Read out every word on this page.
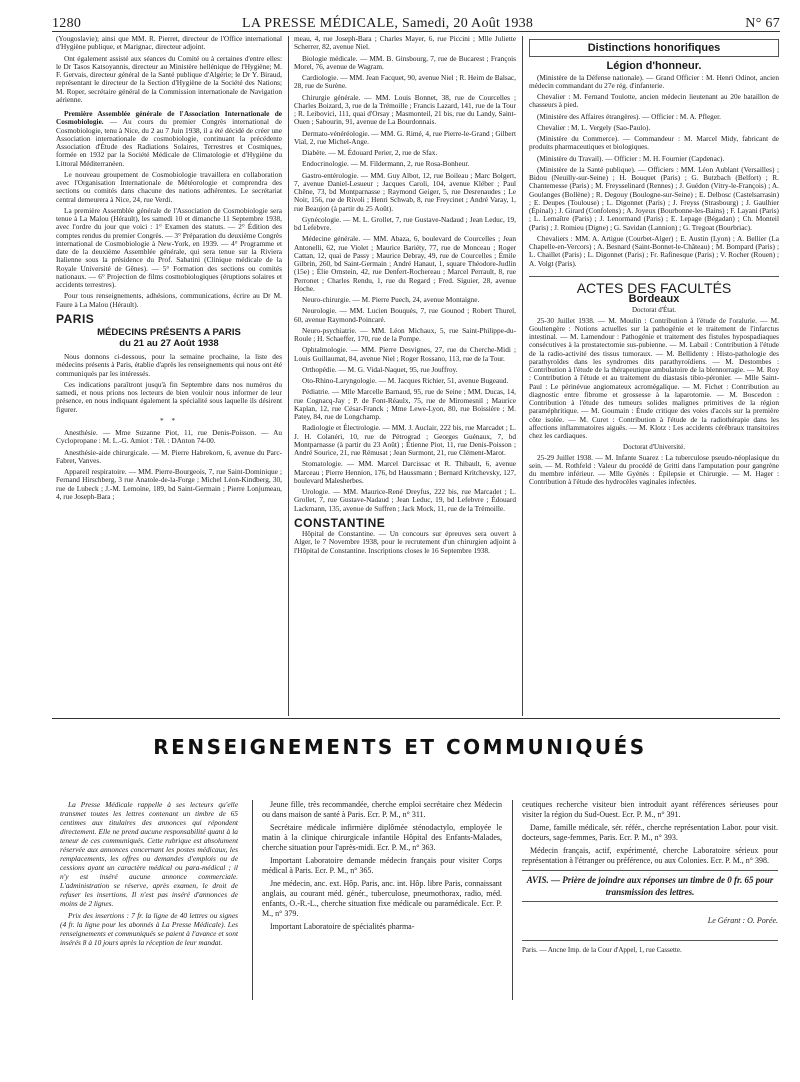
1280	LA PRESSE MÉDICALE, Samedi, 20 Août 1938	N° 67

(Yougoslavie); ainsi que MM. R. Pierret, directeur de l'Office international d'Hygiène publique, et Marignac, directeur adjoint.

Ont également assisté aux séances du Comité ou à certaines d'entre elles: le Dr Tasos Katsoyannis, directeur au Ministère hellénique de l'Hygiène; M. F. Gervais, directeur général de la Santé publique d'Algérie; le Dr Y. Biraud, représentant le directeur de la Section d'Hygiène de la Société des Nations; M. Roper, secrétaire général de la Commission internationale de Navigation aérienne.

Première Assemblée générale de l'Association Internationale de Cosmobiologie. — Au cours du premier Congrès international de Cosmobiologie, tenu à Nice, du 2 au 7 Juin 1938, il a été décidé de créer une Association internationale de cosmobiologie, continuant la précédente Association d'Étude des Radiations Solaires, Terrestres et Cosmiques, formée en 1932 par la Société Médicale de Climatologie et d'Hygiène du Littoral Méditerranéen.

Le nouveau groupement de Cosmobiologie travaillera en collaboration avec l'Organisation Internationale de Météorologie et comprendra des sections ou comités dans chacune des nations adhérentes. Le secrétariat central demeurera à Nice, 24, rue Verdi.

La première Assemblée générale de l'Association de Cosmobiologie sera tenue à La Malou (Hérault), les samedi 10 et dimanche 11 Septembre 1938, avec l'ordre du jour que voici : 1° Examen des statuts. — 2° Édition des comptes rendus du premier Congrès. — 3° Préparation du deuxième Congrès international de Cosmobiologie à New-York, en 1939. — 4° Programme et date de la deuxième Assemblée générale, qui sera tenue sur la Riviera Italienne sous la présidence du Prof. Sabatini (Clinique médicale de la Royale Université de Gênes). — 5° Formation des sections ou comités nationaux. — 6° Projection de films cosmobiologiques (éruptions solaires et accidents terrestres).

Pour tous renseignements, adhésions, communications, écrire au Dr M. Faure à La Malou (Hérault).

PARIS
MÉDECINS PRÉSENTS A PARIS
du 21 au 27 Août 1938

Nous donnons ci-dessous, pour la semaine prochaine, la liste des médecins présents à Paris, établie d'après les renseignements qui nous ont été communiqués par les intéressés.

Ces indications paraîtront jusqu'à fin Septembre dans nos numéros du samedi, et nous prions nos lecteurs de bien vouloir nous informer de leur présence, en nous indiquant également la spécialité sous laquelle ils désirent figurer.

* *

Anesthésie. — Mme Suzanne Piot, 11, rue Denis-Poisson. — Au Cyclopropane : M. L.-G. Amiot : Tél. : DAnton 74-00.

Anesthésie-aide chirurgicale. — M. Pierre Habrekorn, 6, avenue du Parc-Fabret, Vanves.

Appareil respiratoire. — MM. Pierre-Bourgeois, 7, rue Saint-Dominique ; Fernand Hirschberg, 3 rue Anatole-de-la-Forge ; Michel Léon-Kindberg, 30, rue de Lubeck ; J.-M. Lemoine, 189, bd Saint-Germain ; Pierre Lonjumeau, 4, rue Joseph-Bara ;

meau, 4, rue Joseph-Bara ; Charles Mayer, 6, rue Piccini ; Mlle Juliette Scherrer, 82, avenue Niel.

Biologie médicale. — MM. B. Ginsbourg, 7, rue de Bucarest ; François Morel, 76, avenue de Wagram.

Cardiologie. — MM. Jean Facquet, 90, avenue Niel ; R. Heim de Balsac, 28, rue de Surène.

Chirurgie générale. — MM. Louis Bonnet, 38, rue de Courcelles ; Charles Boizard, 3, rue de la Trémoille ; Francis Lazard, 141, rue de la Tour ; R. Leibovici, 111, quai d'Orsay ; Masmonteil, 21 bis, rue du Landy, Saint-Ouen ; Sabourin, 91, avenue de La Bourdonnais.

Dermato-vénéréologie. — MM. G. Rimé, 4, rue Pierre-le-Grand ; Gilbert Vial, 2, rue Michel-Ange.

Diabète. — M. Édouard Perier, 2, rue de Sfax.

Endocrinologie. — M. Fildermann, 2, rue Rosa-Bonheur.

Gastro-entérologie. — MM. Guy Albot, 12, rue Boileau ; Marc Bolgert, 7, avenue Daniel-Lesueur ; Jacques Caroli, 104, avenue Kléber ; Paul Chêne, 73, bd Montparnasse ; Raymond Geiger, 5, rue Desrenaudes ; Le Noir, 156, rue de Rivoli ; Henri Schwab, 8, rue Freycinet ; André Varay, 1, rue Beaujon (à partir du 25 Août).

Gynécologie. — M. L. Grollet, 7, rue Gustave-Nadaud ; Jean Leduc, 19, bd Lefebvre.

Médecine générale. — MM. Abaza, 6, boulevard de Courcelles ; Jean Antonelli, 62, rue Violet ; Maurice Bariéty, 77, rue de Monceau ; Roger Cattan, 12, quai de Passy ; Maurice Debray, 49, rue de Courcelles ; Émile Gilbrin, 260, bd Saint-Germain ; André Hanaut, 1, square Théodore-Judlin (15e) ; Élie Ornstein, 42, rue Denfert-Rochereau ; Marcel Perrault, 8, rue Perronet ; Charles Rendu, 1, rue du Regard ; Fred. Siguier, 28, avenue Hoche.

Neuro-chirurgie. — M. Pierre Puech, 24, avenue Montaigne.

Neurologie. — MM. Lucien Bouquès, 7, rue Gounod ; Robert Thurel, 60, avenue Raymond-Poincaré.

Neuro-psychiatrie. — MM. Léon Michaux, 5, rue Saint-Philippe-du-Roule ; H. Schaeffer, 170, rue de la Pompe.

Ophtalmologie. — MM. Pierre Desvignes, 27, rue du Cherche-Midi ; Louis Guillaumat, 84, avenue Niel ; Roger Rossano, 113, rue de la Tour.

Orthopédie. — M. G. Vidal-Naquet, 95, rue Jouffroy.

Oto-Rhino-Laryngologie. — M. Jacques Richier, 51, avenue Bugeaud.

Pédiatrie. — Mlle Marcelle Barnaud, 95, rue de Seine ; MM. Ducas, 14, rue Cognacq-Jay ; P. de Font-Réaulx, 75, rue de Miromesnil ; Maurice Kaplan, 12, rue César-Franck ; Mme Lewe-Lyon, 80, rue Boissière ; M. Patey, 84, rue de Longchamp.

Radiologie et Électrologie. — MM. J. Auclair, 222 bis, rue Marcadet ; L. J. H. Colanéri, 10, rue de Pétrograd ; Georges Guénaux, 7, bd Montparnasse (à partir du 23 Août) ; Étienne Piot, 11, rue Denis-Poisson ; André Sourice, 21, rue Rémusat ; Jean Surmont, 21, rue Clément-Marot.

Stomatologie. — MM. Marcel Darcissac et R. Thibault, 6, avenue Marceau ; Pierre Hennion, 176, bd Haussmann ; Bernard Kritchevsky, 127, boulevard Malesherbes.

Urologie. — MM. Maurice-René Dreyfus, 222 bis, rue Marcadet ; L. Grollet, 7, rue Gustave-Nadaud ; Jean Leduc, 19, bd Lefebvre ; Édouard Lackmann, 135, avenue de Suffren ; Jack Mock, 11, rue de la Trémoille.

CONSTANTINE

Hôpital de Constantine. — Un concours sur épreuves sera ouvert à Alger, le 7 Novembre 1938, pour le recrutement d'un chirurgien adjoint à l'Hôpital de Constantine. Inscriptions closes le 16 Septembre 1938.

Distinctions honorifiques
Légion d'honneur.

(Ministère de la Défense nationale). — Grand Officier : M. Henri Odinot, ancien médecin commandant du 27e rég. d'infanterie.

Chevalier : M. Fernand Toulotte, ancien médecin lieutenant au 20e bataillon de chasseurs à pied.

(Ministère des Affaires étrangères). — Officier : M. A. Pfleger.

Chevalier : M. L. Vergely (Sao-Paulo).

(Ministère du Commerce). — Commandeur : M. Marcel Midy, fabricant de produits pharmaceutiques et biologiques.

(Ministère du Travail). — Officier : M. H. Fournier (Capdenac).

(Ministère de la Santé publique). — Officiers : MM. Léon Aublant (Versailles) ; Bidou (Neuilly-sur-Seine) ; H. Bouquet (Paris) ; G. Butzbach (Belfort) ; R. Chantemesse (Paris) ; M. Freysselinard (Rennes) ; J. Guédon (Vitry-le-François) ; A. Goulanges (Bollène) ; R. Degouy (Boulogne-sur-Seine) ; E. Delbosc (Castelsarrasin) ; E. Deupes (Toulouse) ; L. Digonnet (Paris) ; J. Freyss (Strasbourg) ; J. Gaulhier (Épinal) ; J. Girard (Confolens) ; A. Joyeux (Bourbonne-les-Bains) ; F. Layani (Paris) ; L. Lemaître (Paris) ; J. Lenormand (Paris) ; E. Lepage (Bégadan) ; Ch. Monteil (Paris) ; J. Romieu (Digne) ; G. Savidan (Lannion) ; G. Tregoat (Bourbriac).

Chevaliers : MM. A. Artigue (Courbet-Alger) ; E. Austin (Lyon) ; A. Bellier (La Chapelle-en-Vercors) ; A. Besnard (Saint-Bonnet-le-Château) ; M. Bompard (Paris) ; L. Chaillet (Paris) ; L. Digonnet (Paris) ; Fr. Rafinesque (Paris) ; V. Rocher (Rouen) ; A. Volgt (Paris).

ACTES DES FACULTÉS
Bordeaux
Doctorat d'État.

25-30 Juillet 1938. — M. Moulin : Contribution à l'étude de l'oralurie. — M. Goultengère : Notions actuelles sur la pathogénie et le traitement de l'infarctus intestinal. — M. Lamendour : Pathogénie et traitement des fistules hypospadiaques consécutives à la prostatectomie sus-pubienne. — M. Labail : Contribution à l'étude de la radio-activité des tissus tumoraux. — M. Bellidenty : Histo-pathologie des parathyroïdes dans les syndromes dits parathyroïdiens. — M. Destombes : Contribution à l'étude de la thérapeutique ambulatoire de la blennorragie. — M. Roy : Contribution à l'étude et au traitement du diastasis tibio-péronier. — Mlle Saint-Paul : Le périnévue angiomateux acromégalique. — M. Fichet : Contribution au diagnostic entre fibrome et grossesse à la laparotomie. — M. Boscedon : Contribution à l'étude des tumeurs solides malignes primitives de la région paraméphritique. — M. Goumain : Étude critique des voies d'accès sur la première côte isolée. — M. Curet : Contribution à l'étude de la radiothérapie dans les affections inflammatoires aiguës. — M. Klotz : Les accidents cérébraux transitoires chez les cardiaques.

Doctorat d'Université.

25-29 Juillet 1938. — M. Infante Suarez : La tuberculose pseudo-néoplasique du sein. — M. Rothfeld : Valeur du procédé de Gritti dans l'amputation pour gangrène du membre inférieur. — Mlle Gyénès : Épilepsie et Chirurgie. — M. Hager : Contribution à l'étude des hydrocèles vaginales infectées.

RENSEIGNEMENTS ET COMMUNIQUÉS

La Presse Médicale rappelle à ses lecteurs qu'elle transmet toutes les lettres contenant un timbre de 65 centimes aux titulaires des annonces qui répondent directement. Elle ne prend aucune responsabilité quant à la teneur de ces communiqués. Cette rubrique est absolument réservée aux annonces concernant les postes médicaux, les remplacements, les offres ou demandes d'emplois ou de cessions ayant un caractère médical ou para-médical ; il n'y est inséré aucune annonce commerciale. L'administration se réserve, après examen, le droit de refuser les insertions. Il n'est pas inséré d'annonces de moins de 2 lignes.

Prix des insertions : 7 fr. la ligne de 40 lettres ou signes (4 fr. la ligne pour les abonnés à La Presse Médicale). Les renseignements et communiqués se paient à l'avance et sont insérés 8 à 10 jours après la réception de leur mandat.

Jeune fille, très recommandée, cherche emploi secrétaire chez Médecin ou dans maison de santé à Paris. Ecr. P. M., n° 311.

Secrétaire médicale infirmière diplômée sténodactylo, employée le matin à la clinique chirurgicale infantile Hôpital des Enfants-Malades, cherche situation pour l'après-midi. Ecr. P. M., n° 363.

Important Laboratoire demande médecin français pour visiter Corps médical à Paris. Ecr. P. M., n° 365.

Jne médecin, anc. ext. Hôp. Paris, anc. int. Hôp. libre Paris, connaissant anglais, au courant méd. génér., tuberculose, pneumothorax, radio, méd. enfants, O.-R.-L., cherche situation fixe médicale ou paramédicale. Ecr. P. M., n° 379.

Important Laboratoire de spécialités pharma-

ceutiques recherche visiteur bien introduit ayant références sérieuses pour visiter la région du Sud-Ouest. Ecr. P. M., n° 391.

Dame, famille médicale, sér. référ., cherche représentation Labor. pour visit. docteurs, sage-femmes, Paris. Ecr. P. M., n° 393.

Médecin français, actif, expérimenté, cherche Laboratoire sérieux pour représentation à l'étranger ou préférence, ou aux Colonies. Ecr. P. M., n° 398.

AVIS. — Prière de joindre aux réponses un timbre de 0 fr. 65 pour transmission des lettres.
Le Gérant : O. Porée.
Paris. — Ancne Imp. de la Cour d'Appel, 1, rue Cassette.
